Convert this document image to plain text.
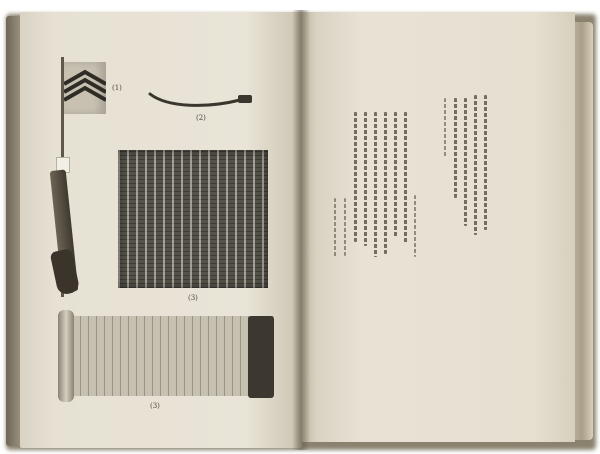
(1)
(2)
(3)
(3)
